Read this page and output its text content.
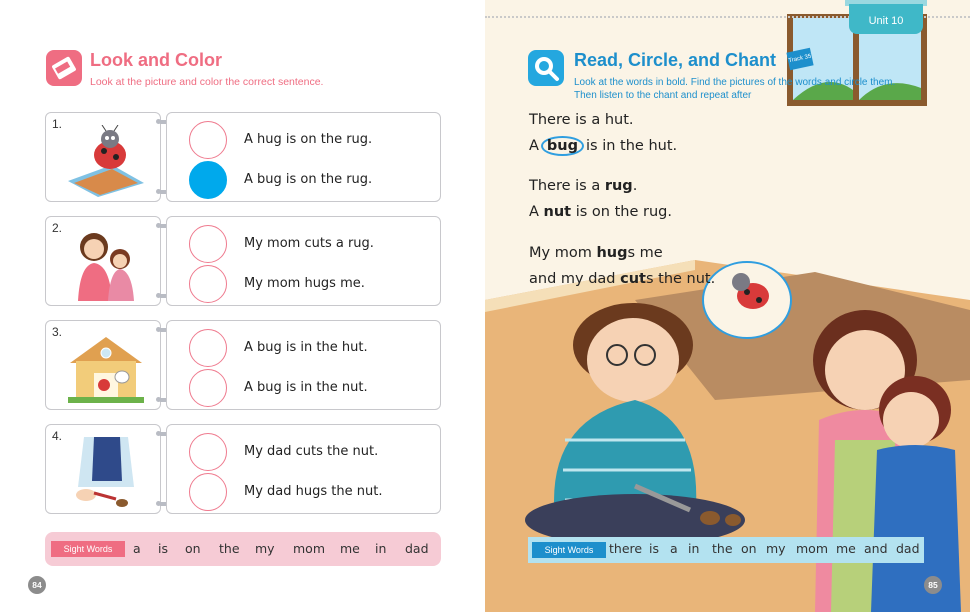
Look and Color
Look at the picture and color the correct sentence.
1.
A hug is on the rug.
A bug is on the rug.
2.
My mom cuts a rug.
My mom hugs me.
3.
A bug is in the hut.
A bug is in the nut.
4.
My dad cuts the nut.
My dad hugs the nut.
Sight Words	a is on the my mom me in dad
84
Unit 10
Read, Circle, and Chant Track 35
Look at the words in bold. Find the pictures of the words and circle them. Then listen to the chant and repeat after
There is a hut.
A bug is in the hut.
There is a rug.
A nut is on the rug.
My mom hugs me
and my dad cuts the nut.
Sight Words	there is a in the on my mom me and dad
85
